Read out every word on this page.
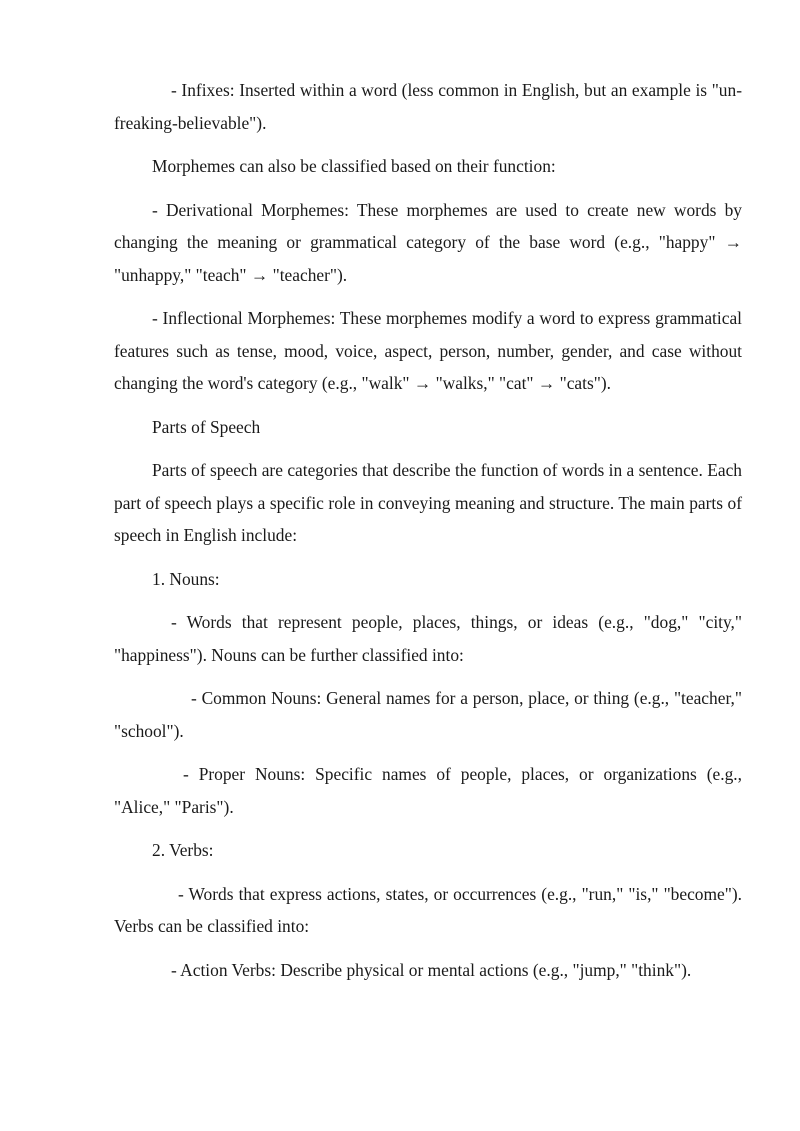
- Infixes: Inserted within a word (less common in English, but an example is "un-freaking-believable").

Morphemes can also be classified based on their function:

- Derivational Morphemes: These morphemes are used to create new words by changing the meaning or grammatical category of the base word (e.g., "happy" → "unhappy," "teach" → "teacher").

- Inflectional Morphemes: These morphemes modify a word to express grammatical features such as tense, mood, voice, aspect, person, number, gender, and case without changing the word's category (e.g., "walk" → "walks," "cat" → "cats").

Parts of Speech

Parts of speech are categories that describe the function of words in a sentence. Each part of speech plays a specific role in conveying meaning and structure. The main parts of speech in English include:

1. Nouns:

- Words that represent people, places, things, or ideas (e.g., "dog," "city," "happiness"). Nouns can be further classified into:

- Common Nouns: General names for a person, place, or thing (e.g., "teacher," "school").

- Proper Nouns: Specific names of people, places, or organizations (e.g., "Alice," "Paris").

2. Verbs:

- Words that express actions, states, or occurrences (e.g., "run," "is," "become"). Verbs can be classified into:

- Action Verbs: Describe physical or mental actions (e.g., "jump," "think").
